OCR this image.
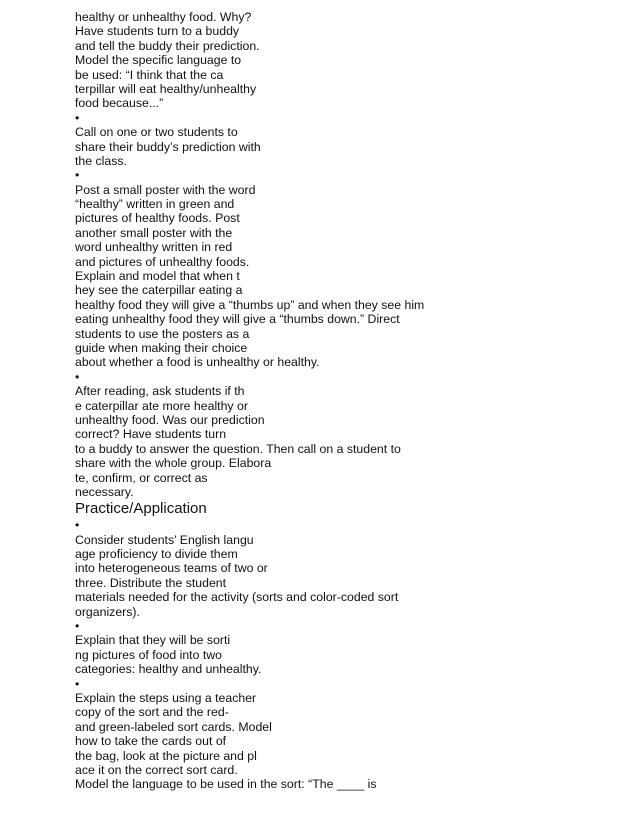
healthy or unhealthy food. Why?
Have students turn to a buddy
and tell the buddy their prediction.
Model the specific language to
be used: “I think that the ca
terpillar will eat healthy/unhealthy
food because...”
•
Call on one or two students to
share their buddy’s prediction with
the class.
•
Post a small poster with the word
“healthy” written in green and
pictures of healthy foods. Post
another small poster with the
word unhealthy written in red
and pictures of unhealthy foods.
Explain and model that when t
hey see the caterpillar eating a
healthy food they will give a “thumbs up” and when they see him
eating unhealthy food they will give a “thumbs down.” Direct
students to use the posters as a
guide when making their choice
about whether a food is unhealthy or healthy.
•
After reading, ask students if th
e caterpillar ate more healthy or
unhealthy food. Was our prediction
correct? Have students turn
to a buddy to answer the question. Then call on a student to
share with the whole group. Elabora
te, confirm, or correct as
necessary.
Practice/Application
•
Consider students’ English langu
age proficiency to divide them
into heterogeneous teams of two or
three. Distribute the student
materials needed for the activity (sorts and color-coded sort
organizers).
•
Explain that they will be sorti
ng pictures of food into two
categories: healthy and unhealthy.
•
Explain the steps using a teacher
copy of the sort and the red-
and green-labeled sort cards. Model
how to take the cards out of
the bag, look at the picture and pl
ace it on the correct sort card.
Model the language to be used in the sort: “The ____ is
